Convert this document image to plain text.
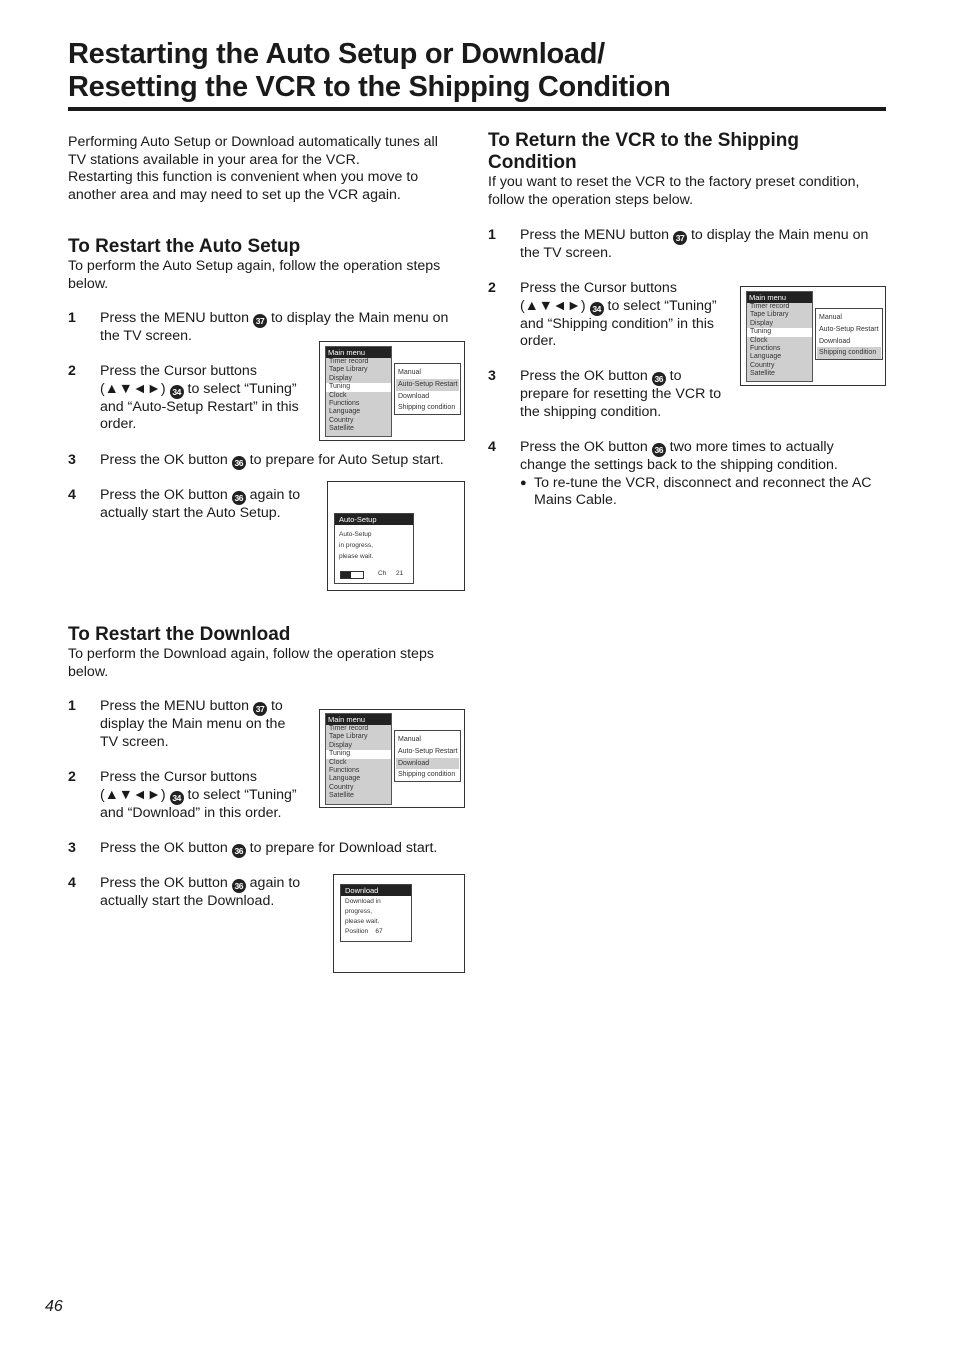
Restarting the Auto Setup or Download/
Resetting the VCR to the Shipping Condition
Performing Auto Setup or Download automatically tunes all
TV stations available in your area for the VCR.
Restarting this function is convenient when you move to
another area and may need to set up the VCR again.
To Restart the Auto Setup
To perform the Auto Setup again, follow the operation steps
below.
1 Press the MENU button 37 to display the Main menu on
the TV screen.
2 Press the Cursor buttons
(▲▼◄►) 34 to select “Tuning”
and “Auto-Setup Restart” in this
order.
Main menu
Timer record
Tape Library
Display
Tuning
Clock
Functions
Language
Country
Satellite
Manual
Auto-Setup Restart
Download
Shipping condition
3 Press the OK button 36 to prepare for Auto Setup start.
4 Press the OK button 36 again to
actually start the Auto Setup.	Auto-Setup
Auto-Setup
in progress,
please wait.
Ch 21
To Restart the Download
To perform the Download again, follow the operation steps
below.
1 Press the MENU button 37 to
display the Main menu on the
TV screen.
2 Press the Cursor buttons
(▲▼◄►) 34 to select “Tuning”
and “Download” in this order.
Main menu
Timer record
Tape Library
Display
Tuning
Clock
Functions
Language
Country
Satellite
Manual
Auto-Setup Restart
Download
Shipping condition
3 Press the OK button 36 to prepare for Download start.
4 Press the OK button 36 again to
actually start the Download.
Download
Download in
progress,
please wait.
Position    67
To Return the VCR to the Shipping
Condition
If you want to reset the VCR to the factory preset condition,
follow the operation steps below.
1 Press the MENU button 37 to display the Main menu on
the TV screen.
2 Press the Cursor buttons
(▲▼◄►) 34 to select “Tuning”
and “Shipping condition” in this
order.
Main menu
Timer record
Tape Library
Display
Tuning
Clock
Functions
Language
Country
Satellite
Manual
Auto-Setup Restart
Download
Shipping condition
3 Press the OK button 36 to
prepare for resetting the VCR to
the shipping condition.
4 Press the OK button 36 two more times to actually
change the settings back to the shipping condition.
● To re-tune the VCR, disconnect and reconnect the AC
Mains Cable.
46
